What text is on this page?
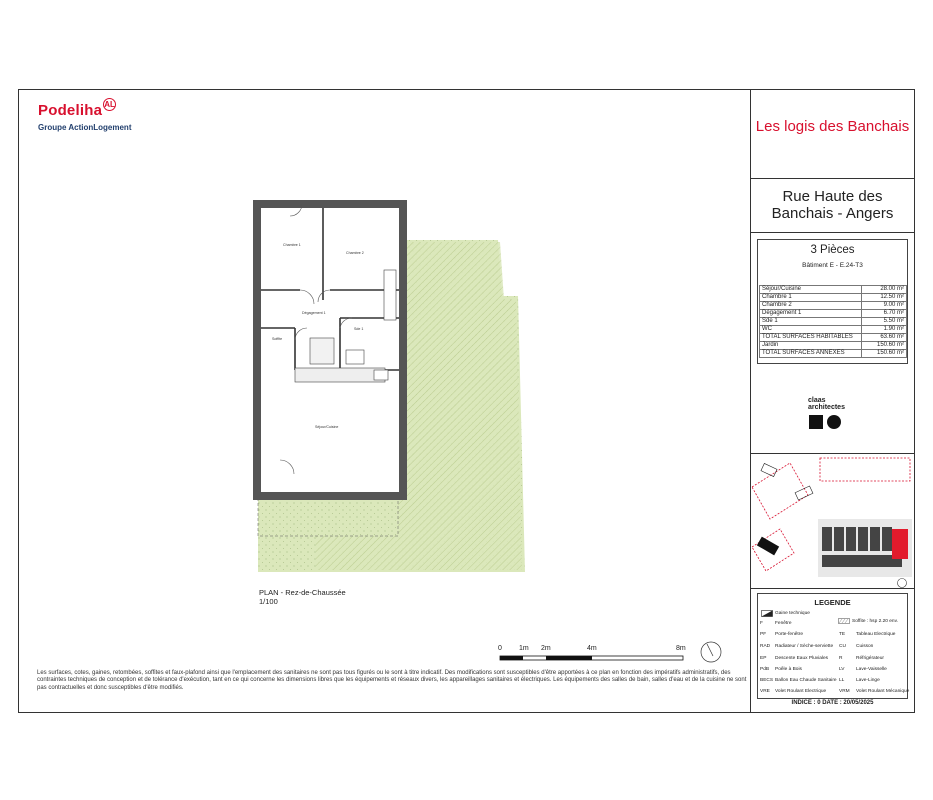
Podeliha AL
Groupe ActionLogement	Les logis des Banchais
Rue Haute des Banchais - Angers
3 Pièces
Bâtiment E - E.24-T3
Séjour/Cuisine	28.00 m²
Chambre 1	12.50 m²
Chambre 2	9.00 m²
Dégagement 1	6.70 m²
Sde 1	5.50 m²
WC	1.90 m²
TOTAL SURFACES HABITABLES	63.60 m²
Jardin	150.60 m²
TOTAL SURFACES ANNEXES	150.60 m²
claas
architectes
LEGENDE
Gaine technique
F	Fenêtre
PF Porte-fenêtre
RAD Radiateur / Sèche-serviette
EP Descente Eaux Pluviales
PdB Poêle à Bois
BECS Ballon Eau Chaude Sanitaire
VRE Volet Roulant Electrique
Soffite : hsp 2.20 env.
TE Tableau Electrique
CU Cuisson
R	Réfrigérateur
LV Lave-Vaisselle
LL Lave-Linge
VRM Volet Roulant Mécanique
INDICE : 0 DATE : 20/05/2025
Chambre 1
Chambre 2
Dégagement 1
Sde 1
Soffite
Séjour/Cuisine
PLAN - Rez-de-Chaussée
1/100
0 1m 2m	4m	8m
Les surfaces, cotes, gaines, retombées, soffites et faux-plafond ainsi que l'emplacement des sanitaires ne sont pas tous figurés ou le sont à titre indicatif. Des modifications sont susceptibles d'être apportées à ce plan en fonction des impératifs administratifs, des contraintes techniques de conception et de tolérance d'exécution, tant en ce qui concerne les dimensions libres que les équipements et réseaux divers, les appareillages sanitaires et électriques. Les équipements des salles de bain, salles d'eau et de la cuisine ne sont pas contractuelles et donc susceptibles d'être modifiés.
